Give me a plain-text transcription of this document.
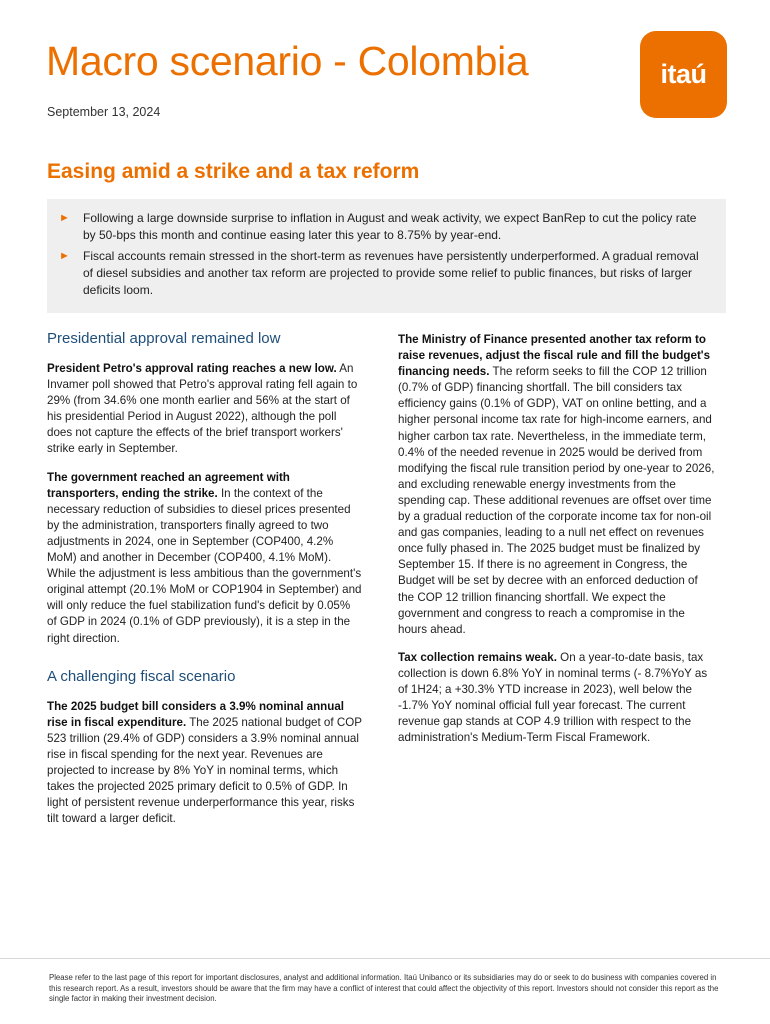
Macro scenario - Colombia
September 13, 2024
itaú
Easing amid a strike and a tax reform
►	Following a large downside surprise to inflation in August and weak activity, we expect BanRep to cut the policy rate by 50-bps this month and continue easing later this year to 8.75% by year-end.
►	Fiscal accounts remain stressed in the short-term as revenues have persistently underperformed. A gradual removal of diesel subsidies and another tax reform are projected to provide some relief to public finances, but risks of larger deficits loom.
Presidential approval remained low

President Petro's approval rating reaches a new low. An Invamer poll showed that Petro's approval rating fell again to 29% (from 34.6% one month earlier and 56% at the start of his presidential Period in August 2022), although the poll does not capture the effects of the brief transport workers' strike early in September.

The government reached an agreement with transporters, ending the strike. In the context of the necessary reduction of subsidies to diesel prices presented by the administration, transporters finally agreed to two adjustments in 2024, one in September (COP400, 4.2% MoM) and another in December (COP400, 4.1% MoM). While the adjustment is less ambitious than the government's original attempt (20.1% MoM or COP1904 in September) and will only reduce the fuel stabilization fund's deficit by 0.05% of GDP in 2024 (0.1% of GDP previously), it is a step in the right direction.

A challenging fiscal scenario

The 2025 budget bill considers a 3.9% nominal annual rise in fiscal expenditure. The 2025 national budget of COP 523 trillion (29.4% of GDP) considers a 3.9% nominal annual rise in fiscal spending for the next year. Revenues are projected to increase by 8% YoY in nominal terms, which takes the projected 2025 primary deficit to 0.5% of GDP. In light of persistent revenue underperformance this year, risks tilt toward a larger deficit.

The Ministry of Finance presented another tax reform to raise revenues, adjust the fiscal rule and fill the budget's financing needs. The reform seeks to fill the COP 12 trillion (0.7% of GDP) financing shortfall. The bill considers tax efficiency gains (0.1% of GDP), VAT on online betting, and a higher personal income tax rate for high-income earners, and higher carbon tax rate. Nevertheless, in the immediate term, 0.4% of the needed revenue in 2025 would be derived from modifying the fiscal rule transition period by one-year to 2026, and excluding renewable energy investments from the spending cap. These additional revenues are offset over time by a gradual reduction of the corporate income tax for non-oil and gas companies, leading to a null net effect on revenues once fully phased in. The 2025 budget must be finalized by September 15. If there is no agreement in Congress, the Budget will be set by decree with an enforced deduction of the COP 12 trillion financing shortfall. We expect the government and congress to reach a compromise in the hours ahead.

Tax collection remains weak. On a year-to-date basis, tax collection is down 6.8% YoY in nominal terms (- 8.7%YoY as of 1H24; a +30.3% YTD increase in 2023), well below the -1.7% YoY nominal official full year forecast. The current revenue gap stands at COP 4.9 trillion with respect to the administration's Medium-Term Fiscal Framework.

Please refer to the last page of this report for important disclosures, analyst and additional information. Itaú Unibanco or its subsidiaries may do or seek to do business with companies covered in this research report. As a result, investors should be aware that the firm may have a conflict of interest that could affect the objectivity of this report. Investors should not consider this report as the single factor in making their investment decision.
